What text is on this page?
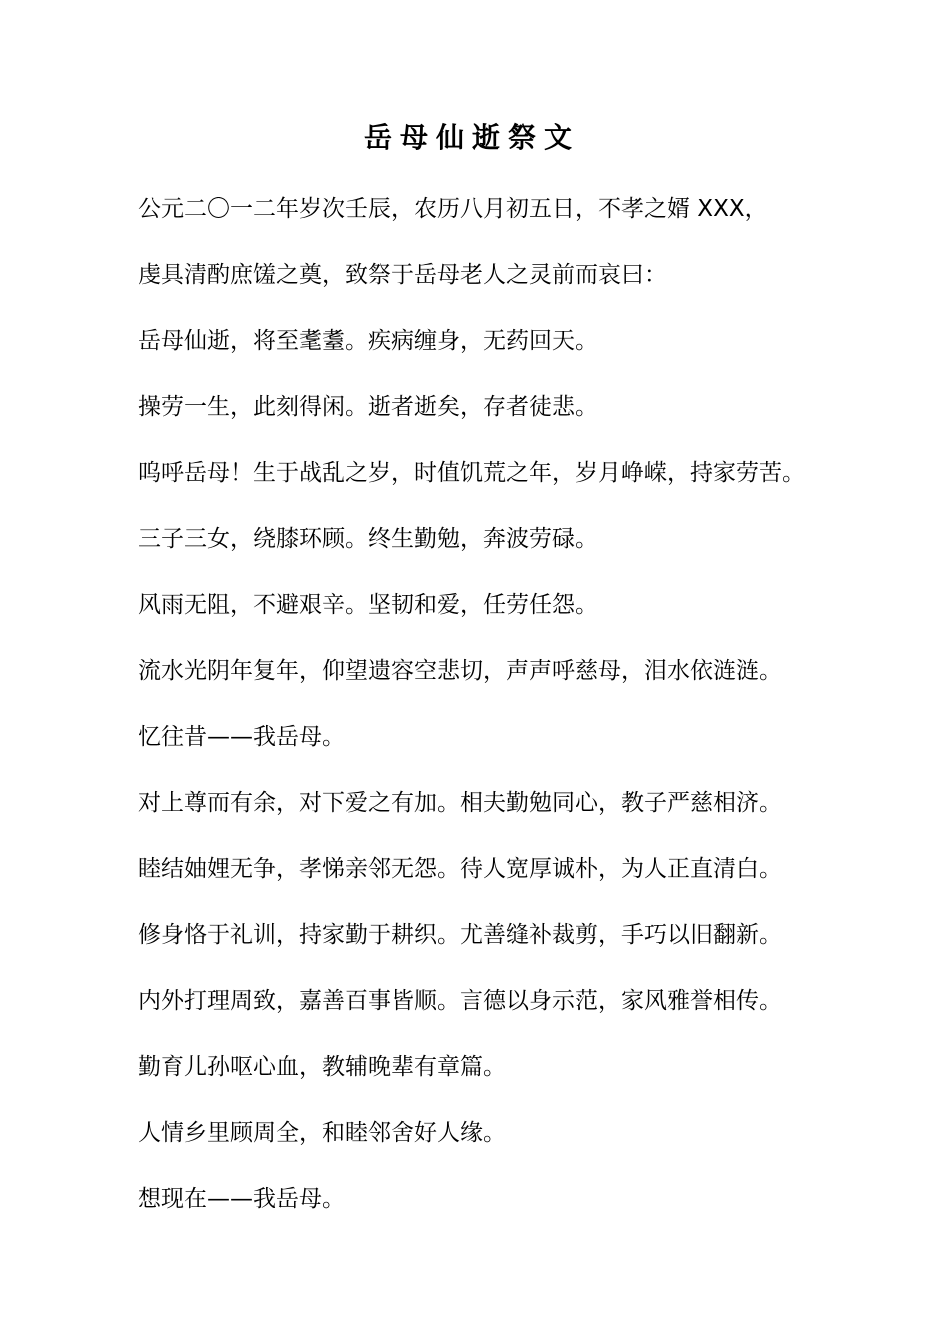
岳母仙逝祭文
公元二〇一二年岁次壬辰，农历八月初五日，不孝之婿 XXX，
虔具清酌庶馐之奠，致祭于岳母老人之灵前而哀曰：
岳母仙逝，将至耄耋。疾病缠身，无药回天。
操劳一生，此刻得闲。逝者逝矣，存者徒悲。
呜呼岳母！生于战乱之岁，时值饥荒之年，岁月峥嵘，持家劳苦。
三子三女，绕膝环顾。终生勤勉，奔波劳碌。
风雨无阻，不避艰辛。坚韧和爱，任劳任怨。
流水光阴年复年，仰望遗容空悲切，声声呼慈母，泪水依涟涟。
忆往昔——我岳母。
对上尊而有余，对下爱之有加。相夫勤勉同心，教子严慈相济。
睦结妯娌无争，孝悌亲邻无怨。待人宽厚诚朴，为人正直清白。
修身恪于礼训，持家勤于耕织。尤善缝补裁剪，手巧以旧翻新。
内外打理周致，嘉善百事皆顺。言德以身示范，家风雅誉相传。
勤育儿孙呕心血，教辅晚辈有章篇。
人情乡里顾周全，和睦邻舍好人缘。
想现在——我岳母。
